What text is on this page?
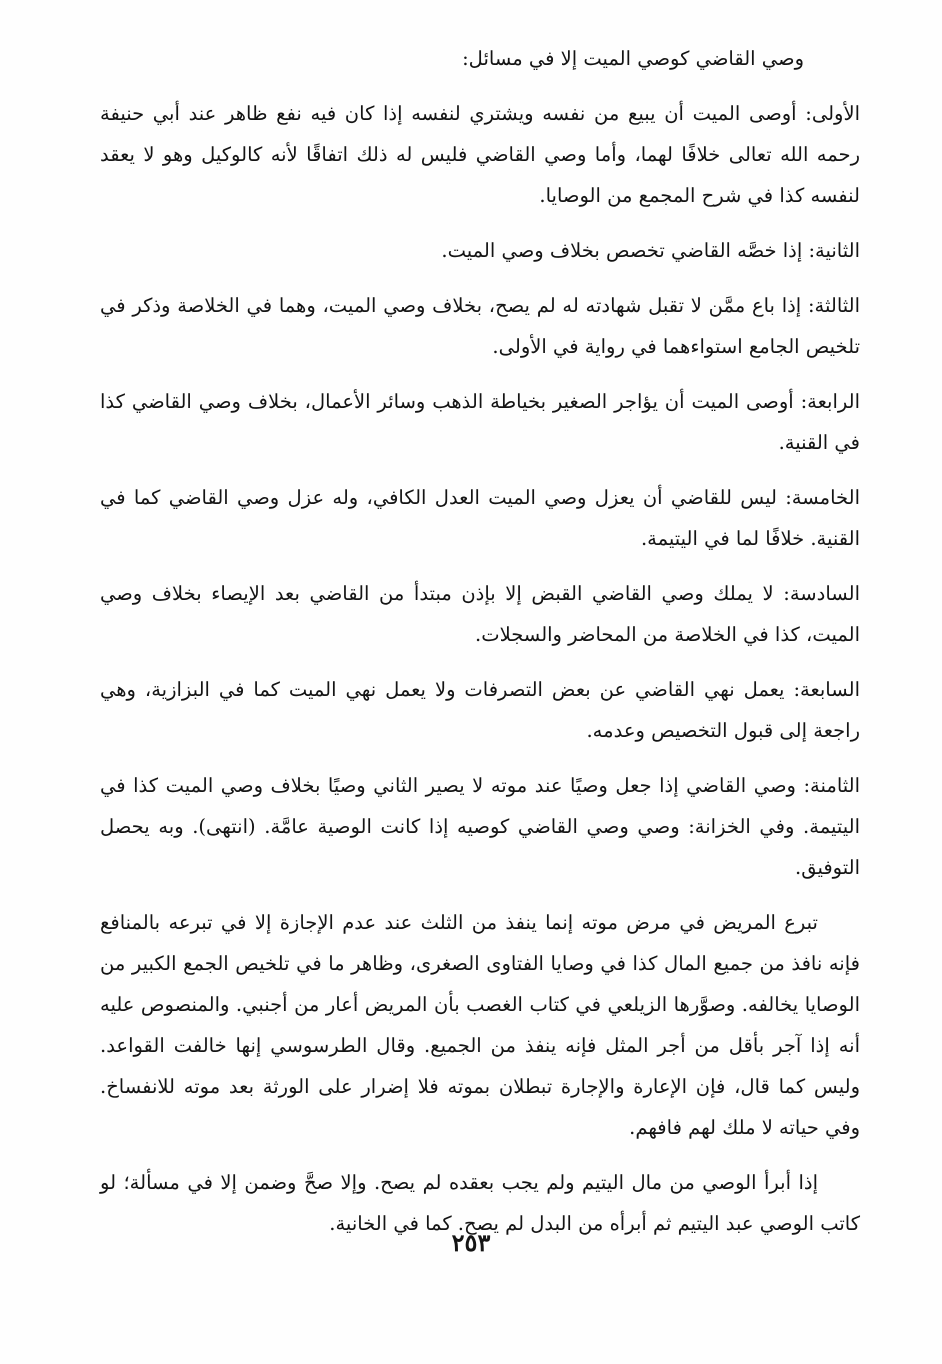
وصي القاضي كوصي الميت إلا في مسائل:

الأولى: أوصى الميت أن يبيع من نفسه ويشتري لنفسه إذا كان فيه نفع ظاهر عند أبي حنيفة رحمه الله تعالى خلافًا لهما، وأما وصي القاضي فليس له ذلك اتفاقًا لأنه كالوكيل وهو لا يعقد لنفسه كذا في شرح المجمع من الوصايا.

الثانية: إذا خصَّه القاضي تخصص بخلاف وصي الميت.

الثالثة: إذا باع ممَّن لا تقبل شهادته له لم يصح، بخلاف وصي الميت، وهما في الخلاصة وذكر في تلخيص الجامع استواءهما في رواية في الأولى.

الرابعة: أوصى الميت أن يؤاجر الصغير بخياطة الذهب وسائر الأعمال، بخلاف وصي القاضي كذا في القنية.

الخامسة: ليس للقاضي أن يعزل وصي الميت العدل الكافي، وله عزل وصي القاضي كما في القنية. خلافًا لما في اليتيمة.

السادسة: لا يملك وصي القاضي القبض إلا بإذن مبتدأ من القاضي بعد الإيصاء بخلاف وصي الميت، كذا في الخلاصة من المحاضر والسجلات.

السابعة: يعمل نهي القاضي عن بعض التصرفات ولا يعمل نهي الميت كما في البزازية، وهي راجعة إلى قبول التخصيص وعدمه.

الثامنة: وصي القاضي إذا جعل وصيًا عند موته لا يصير الثاني وصيًا بخلاف وصي الميت كذا في اليتيمة. وفي الخزانة: وصي وصي القاضي كوصيه إذا كانت الوصية عامَّة. (انتهى). وبه يحصل التوفيق.

تبرع المريض في مرض موته إنما ينفذ من الثلث عند عدم الإجازة إلا في تبرعه بالمنافع فإنه نافذ من جميع المال كذا في وصايا الفتاوى الصغرى، وظاهر ما في تلخيص الجمع الكبير من الوصايا يخالفه. وصوَّرها الزيلعي في كتاب الغصب بأن المريض أعار من أجنبي. والمنصوص عليه أنه إذا آجر بأقل من أجر المثل فإنه ينفذ من الجميع. وقال الطرسوسي إنها خالفت القواعد. وليس كما قال، فإن الإعارة والإجارة تبطلان بموته فلا إضرار على الورثة بعد موته للانفساخ. وفي حياته لا ملك لهم فافهم.

إذا أبرأ الوصي من مال اليتيم ولم يجب بعقده لم يصح. وإلا صحَّ وضمن إلا في مسألة؛ لو كاتب الوصي عبد اليتيم ثم أبرأه من البدل لم يصح. كما في الخانية.

٢٥٣
